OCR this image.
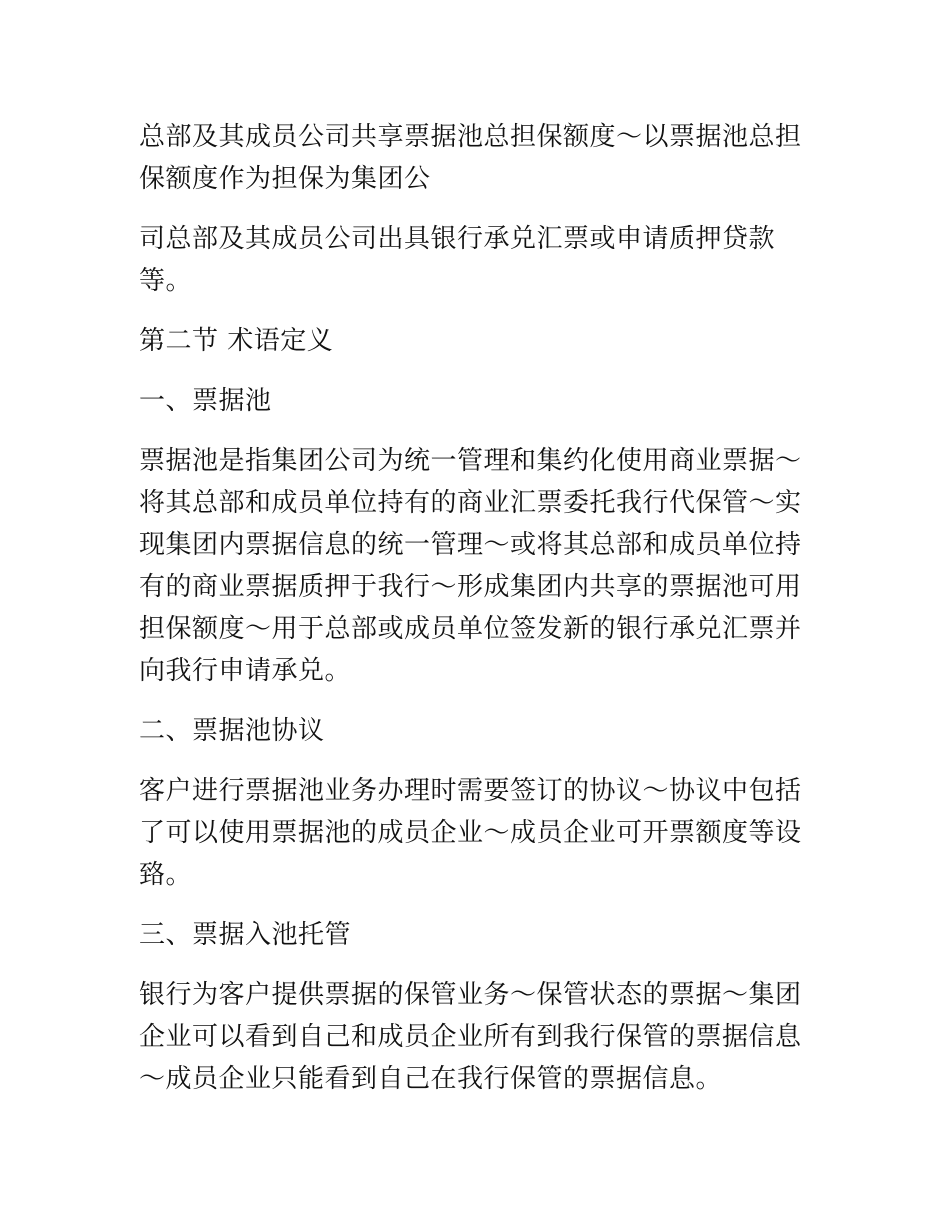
总部及其成员公司共享票据池总担保额度～以票据池总担保额度作为担保为集团公

司总部及其成员公司出具银行承兑汇票或申请质押贷款等。

第二节 术语定义

一、票据池

票据池是指集团公司为统一管理和集约化使用商业票据～将其总部和成员单位持有的商业汇票委托我行代保管～实现集团内票据信息的统一管理～或将其总部和成员单位持有的商业票据质押于我行～形成集团内共享的票据池可用担保额度～用于总部或成员单位签发新的银行承兑汇票并向我行申请承兑。

二、票据池协议

客户进行票据池业务办理时需要签订的协议～协议中包括了可以使用票据池的成员企业～成员企业可开票额度等设臵。

三、票据入池托管

银行为客户提供票据的保管业务～保管状态的票据～集团企业可以看到自己和成员企业所有到我行保管的票据信息～成员企业只能看到自己在我行保管的票据信息。
